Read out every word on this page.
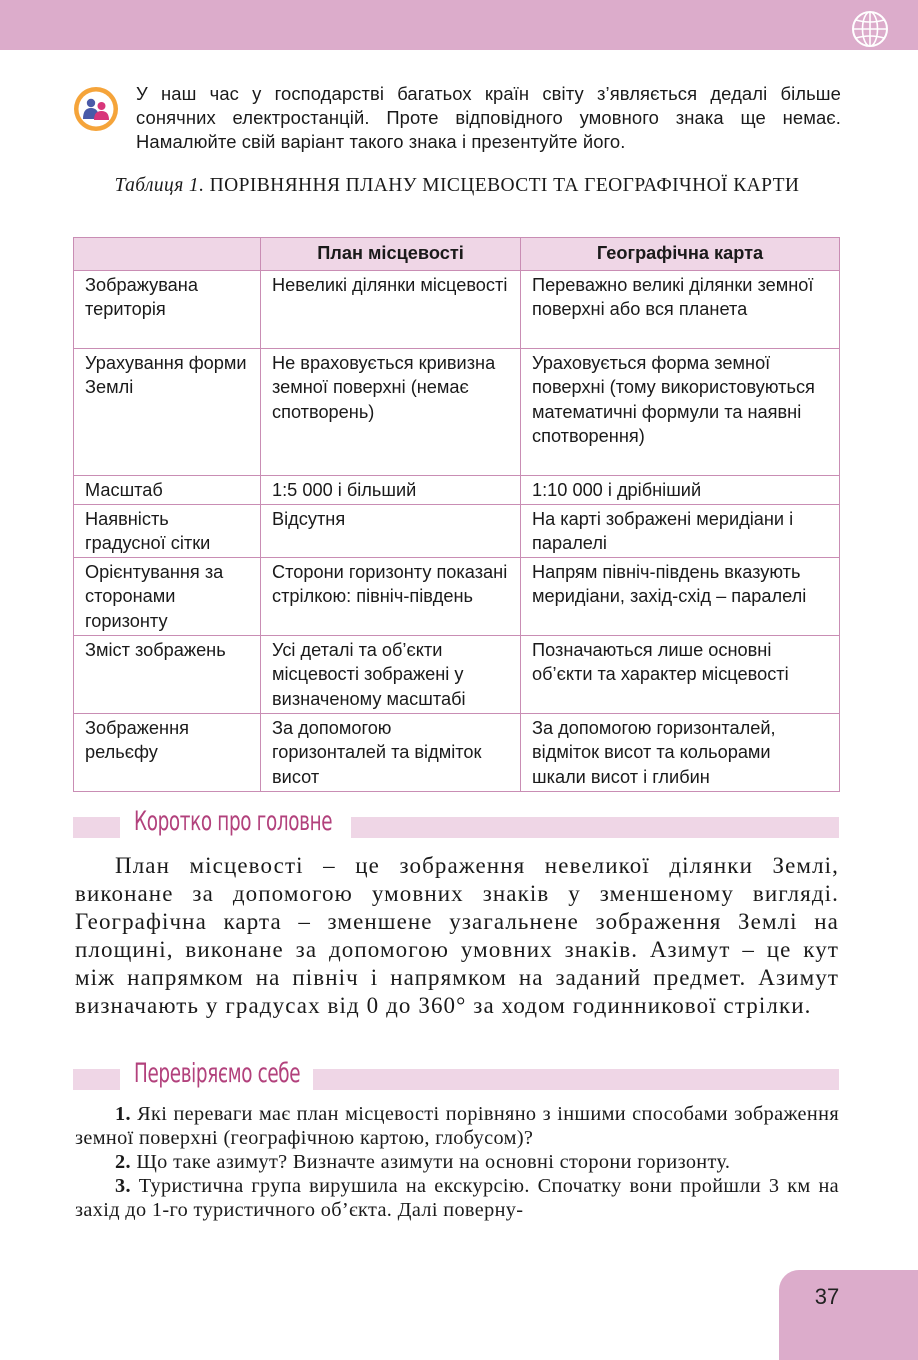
У наш час у господарстві багатьох країн світу з’являється дедалі більше сонячних електростанцій. Проте відповідного умовного знака ще немає. Намалюйте свій варіант такого знака і презентуйте його.
Таблиця 1. ПОРІВНЯННЯ ПЛАНУ МІСЦЕВОСТІ ТА ГЕОГРАФІЧНОЇ КАРТИ
	План місцевості	Географічна карта
Зображувана територія	Невеликі ділянки місцевості	Переважно великі ділянки земної поверхні або вся планета
Урахування форми Землі	Не враховується кривизна земної поверхні (немає спотворень)	Ураховується форма земної поверхні (тому використовуються математичні формули та наявні спотворення)
Масштаб	1:5 000 і більший	1:10 000 і дрібніший
Наявність градусної сітки	Відсутня	На карті зображені меридіани і паралелі
Орієнтування за сторонами горизонту	Сторони горизонту показані стрілкою: північ-південь	Напрям північ-південь вказують меридіани, захід-схід – паралелі
Зміст зображень	Усі деталі та об’єкти місцевості зображені у визначеному масштабі	Позначаються лише основні об’єкти та характер місцевості
Зображення рельєфу	За допомогою горизонталей та відміток висот	За допомогою горизонталей, відміток висот та кольорами шкали висот і глибин
Коротко про головне

План місцевості – це зображення невеликої ділянки Землі, виконане за допомогою умовних знаків у зменшеному вигляді. Географічна карта – зменшене узагальнене зображення Землі на площині, виконане за допомогою умовних знаків. Азимут – це кут між напрямком на північ і напрямком на заданий предмет. Азимут визначають у градусах від 0 до 360° за ходом годинникової стрілки.

Перевіряємо себе

1. Які переваги має план місцевості порівняно з іншими способами зображення земної поверхні (географічною картою, глобусом)?

2. Що таке азимут? Визначте азимути на основні сторони горизонту.

3. Туристична група вирушила на екскурсію. Спочатку вони пройшли 3 км на захід до 1-го туристичного об’єкта. Далі поверну-

37
